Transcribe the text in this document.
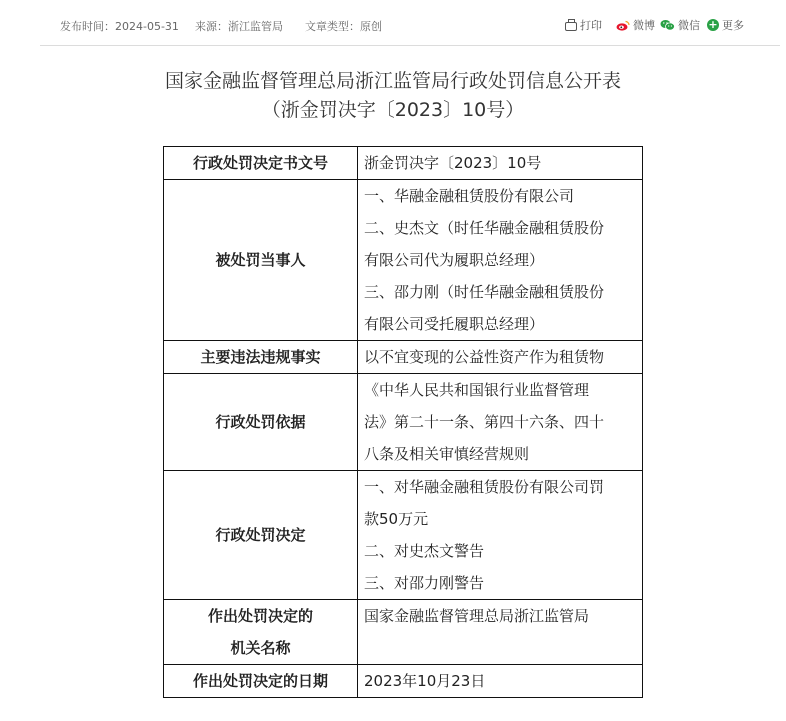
发布时间：2024-05-31 来源：浙江监管局 文章类型：原创	打印	微博 微信 + 更多
国家金融监督管理总局浙江监管局行政处罚信息公开表
（浙金罚决字〔2023〕10号）
行政处罚决定书文号	浙金罚决字〔2023〕10号

被处罚当事人	一、华融金融租赁股份有限公司
二、史杰文（时任华融金融租赁股份
有限公司代为履职总经理）
三、邵力刚（时任华融金融租赁股份
有限公司受托履职总经理）

主要违法违规事实	以不宜变现的公益性资产作为租赁物

行政处罚依据	《中华人民共和国银行业监督管理
法》第二十一条、第四十六条、四十
八条及相关审慎经营规则

行政处罚决定	一、对华融金融租赁股份有限公司罚
款50万元
二、对史杰文警告
三、对邵力刚警告

作出处罚决定的
机关名称	国家金融监督管理总局浙江监管局

作出处罚决定的日期	2023年10月23日
